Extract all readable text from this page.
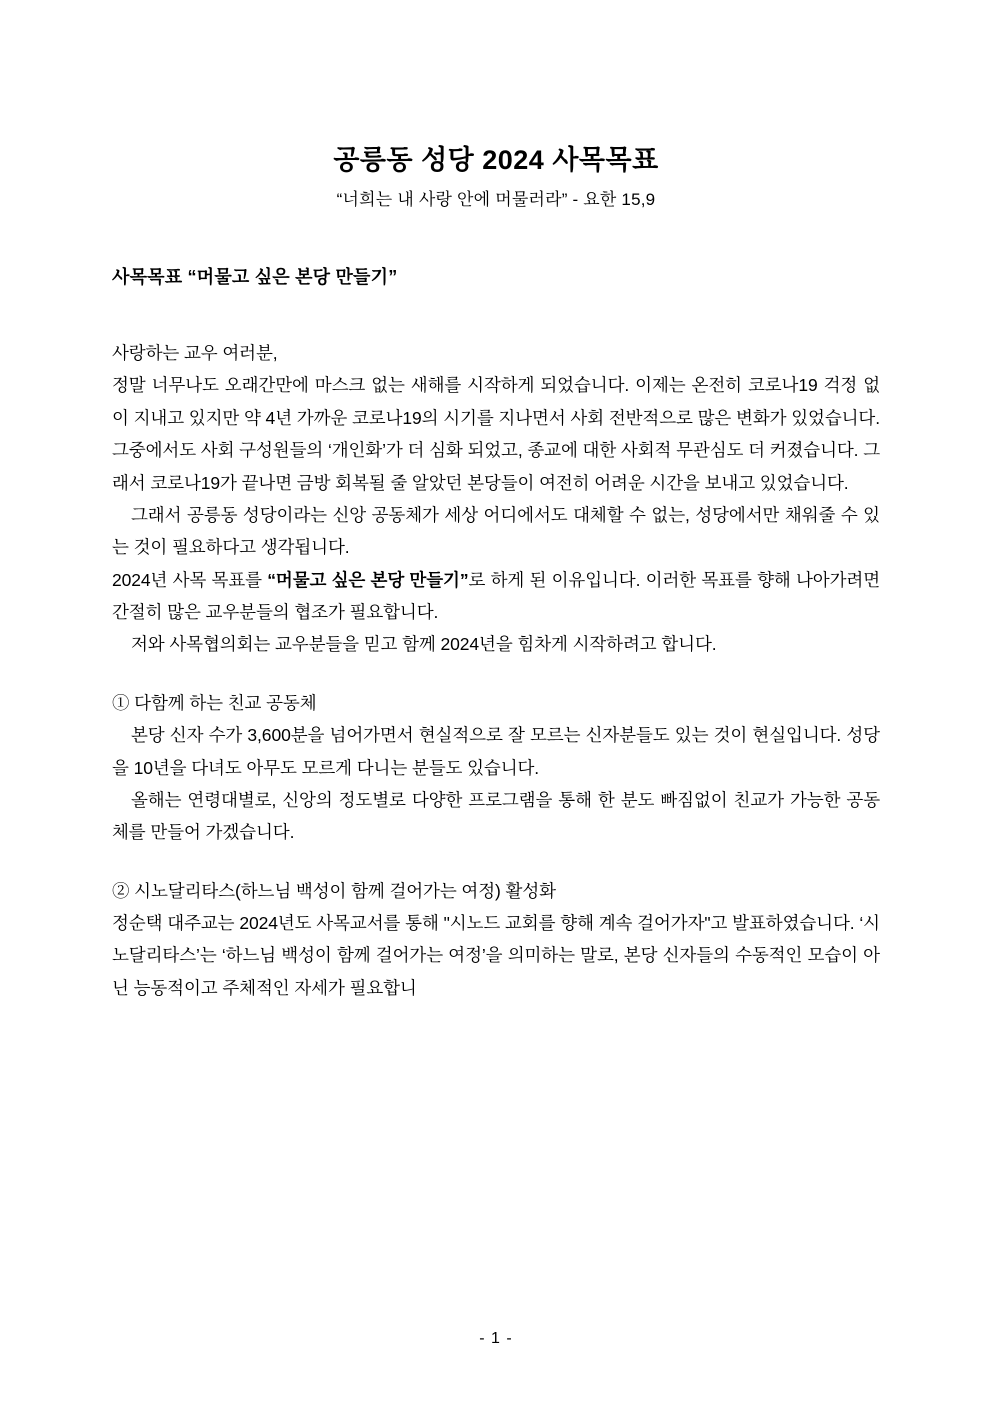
공릉동 성당 2024 사목목표
“너희는 내 사랑 안에 머물러라” - 요한 15,9
사목목표 “머물고 싶은 본당 만들기”

사랑하는 교우 여러분,

정말 너무나도 오래간만에 마스크 없는 새해를 시작하게 되었습니다. 이제는 온전히 코로나19 걱정 없이 지내고 있지만 약 4년 가까운 코로나19의 시기를 지나면서 사회 전반적으로 많은 변화가 있었습니다. 그중에서도 사회 구성원들의 ‘개인화’가 더 심화 되었고, 종교에 대한 사회적 무관심도 더 커졌습니다. 그래서 코로나19가 끝나면 금방 회복될 줄 알았던 본당들이 여전히 어려운 시간을 보내고 있었습니다.

그래서 공릉동 성당이라는 신앙 공동체가 세상 어디에서도 대체할 수 없는, 성당에서만 채워줄 수 있는 것이 필요하다고 생각됩니다.

2024년 사목 목표를 “머물고 싶은 본당 만들기”로 하게 된 이유입니다. 이러한 목표를 향해 나아가려면 간절히 많은 교우분들의 협조가 필요합니다.

저와 사목협의회는 교우분들을 믿고 함께 2024년을 힘차게 시작하려고 합니다.

① 다함께 하는 친교 공동체

본당 신자 수가 3,600분을 넘어가면서 현실적으로 잘 모르는 신자분들도 있는 것이 현실입니다. 성당을 10년을 다녀도 아무도 모르게 다니는 분들도 있습니다.

올해는 연령대별로, 신앙의 정도별로 다양한 프로그램을 통해 한 분도 빠짐없이 친교가 가능한 공동체를 만들어 가겠습니다.

② 시노달리타스(하느님 백성이 함께 걸어가는 여정) 활성화

정순택 대주교는 2024년도 사목교서를 통해 "시노드 교회를 향해 계속 걸어가자"고 발표하였습니다. ‘시노달리타스’는 ‘하느님 백성이 함께 걸어가는 여정’을 의미하는 말로, 본당 신자들의 수동적인 모습이 아닌 능동적이고 주체적인 자세가 필요합니

- 1 -
